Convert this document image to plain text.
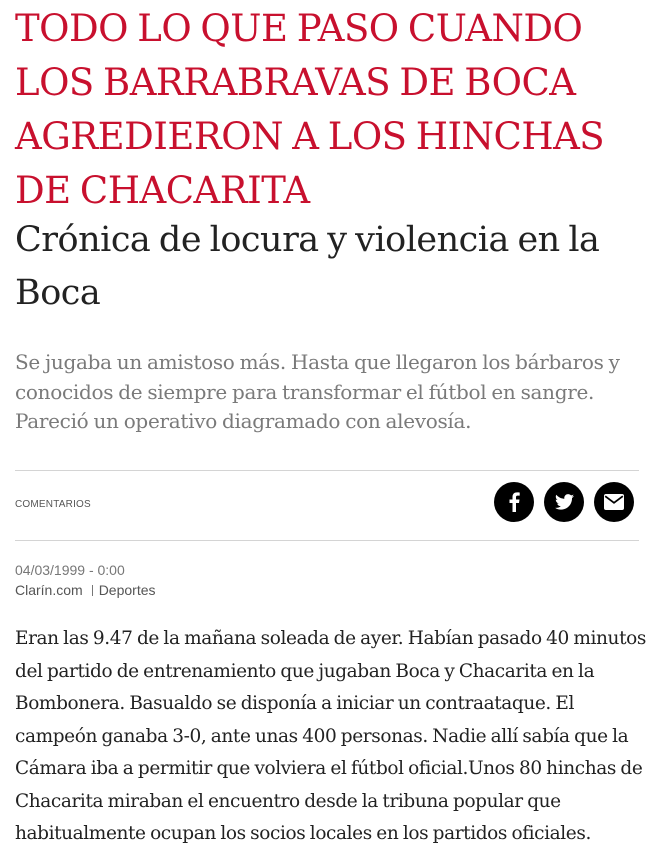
TODO LO QUE PASO CUANDO LOS BARRABRAVAS DE BOCA AGREDIERON A LOS HINCHAS DE CHACARITA
Crónica de locura y violencia en la Boca

Se jugaba un amistoso más. Hasta que llegaron los bárbaros y conocidos de siempre para transformar el fútbol en sangre. Pareció un operativo diagramado con alevosía.

COMENTARIOS
04/03/1999 - 0:00
Clarín.com Deportes

Eran las 9.47 de la mañana soleada de ayer. Habían pasado 40 minutos del partido de entrenamiento que jugaban Boca y Chacarita en la Bombonera. Basualdo se disponía a iniciar un contraataque. El campeón ganaba 3-0, ante unas 400 personas. Nadie allí sabía que la Cámara iba a permitir que volviera el fútbol oficial.Unos 80 hinchas de Chacarita miraban el encuentro desde la tribuna popular que habitualmente ocupan los socios locales en los partidos oficiales.
